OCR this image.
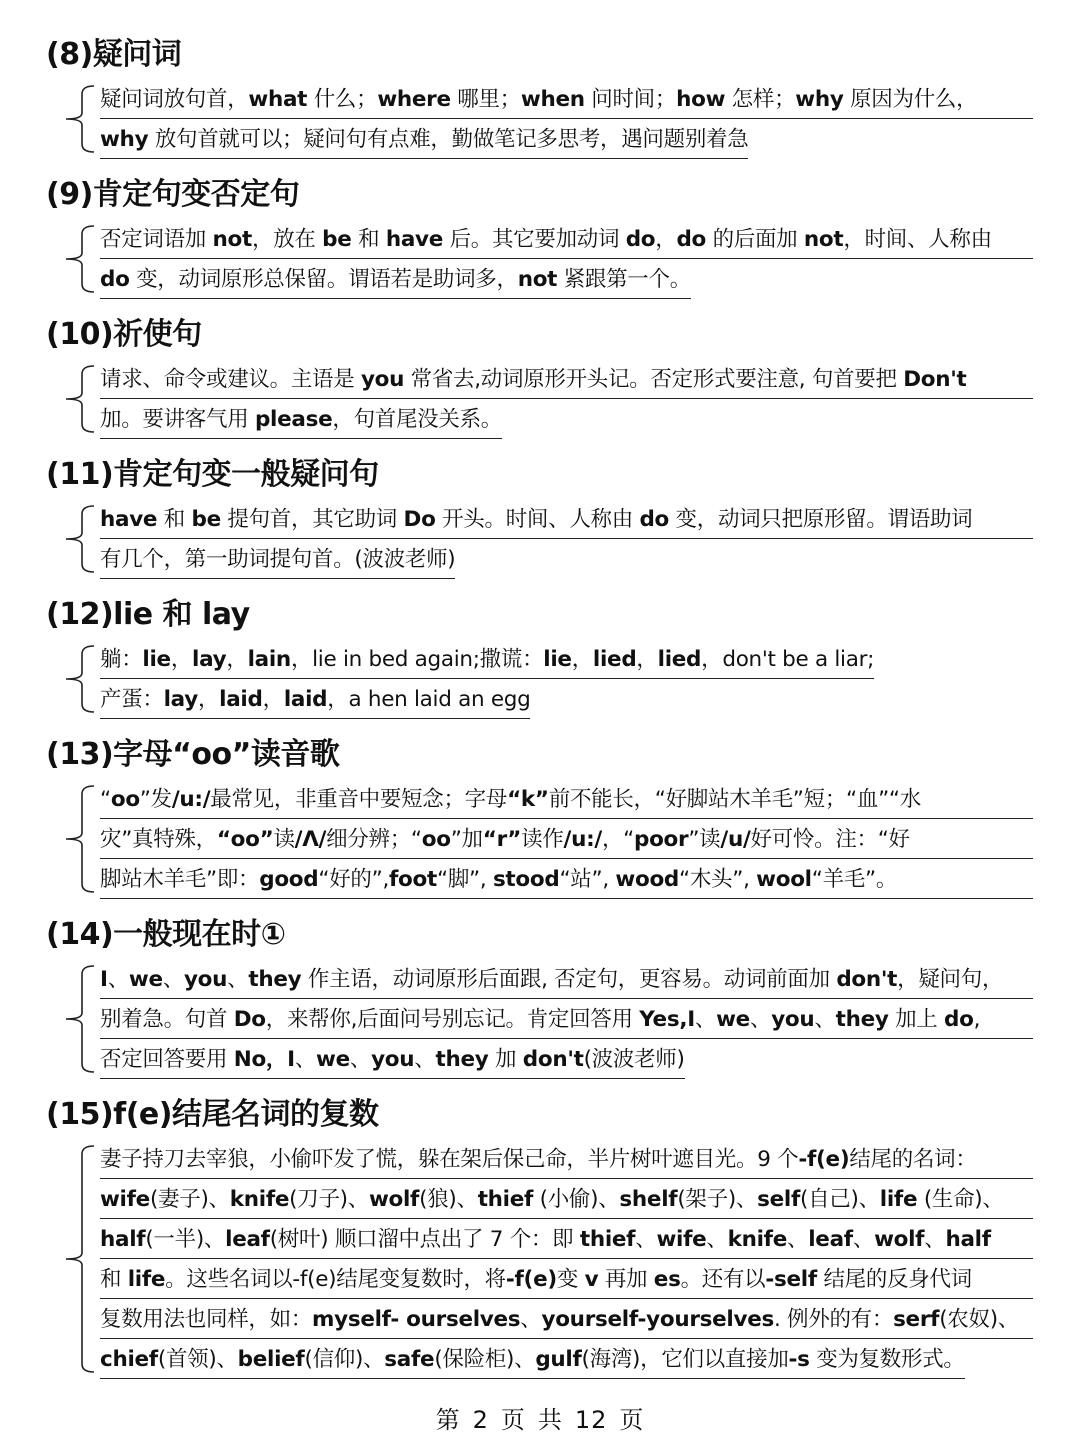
(8)疑问词
疑问词放句首，what 什么；where 哪里；when 问时间；how 怎样；why 原因为什么，
why 放句首就可以；疑问句有点难，勤做笔记多思考，遇问题别着急
(9)肯定句变否定句
否定词语加 not，放在 be 和 have 后。其它要加动词 do，do 的后面加 not，时间、人称由
do 变，动词原形总保留。谓语若是助词多，not 紧跟第一个。
(10)祈使句
请求、命令或建议。主语是 you 常省去,动词原形开头记。否定形式要注意, 句首要把 Don't
加。要讲客气用 please，句首尾没关系。
(11)肯定句变一般疑问句
have 和 be 提句首，其它助词 Do 开头。时间、人称由 do 变，动词只把原形留。谓语助词
有几个，第一助词提句首。(波波老师)
(12)lie 和 lay
躺：lie，lay，lain，lie in bed again;撒谎：lie，lied，lied，don't be a liar;
产蛋：lay，laid，laid，a hen laid an egg
(13)字母“oo”读音歌
“oo”发/u:/最常见，非重音中要短念；字母“k”前不能长，“好脚站木羊毛”短；“血”“水
灾”真特殊，“oo”读/Λ/细分辨；“oo”加“r”读作/u:/，“poor”读/u/好可怜。注：“好
脚站木羊毛”即：good“好的”,foot“脚”, stood“站”, wood“木头”, wool“羊毛”。
(14)一般现在时①
I、we、you、they 作主语，动词原形后面跟, 否定句，更容易。动词前面加 don't，疑问句，
别着急。句首 Do，来帮你,后面问号别忘记。肯定回答用 Yes,I、we、you、they 加上 do,
否定回答要用 No，I、we、you、they 加 don't(波波老师)
(15)f(e)结尾名词的复数
妻子持刀去宰狼，小偷吓发了慌，躲在架后保己命，半片树叶遮目光。9 个-f(e)结尾的名词：
wife(妻子)、knife(刀子)、wolf(狼)、thief (小偷)、shelf(架子)、self(自己)、life (生命)、
half(一半)、leaf(树叶) 顺口溜中点出了 7 个：即 thief、wife、knife、leaf、wolf、half
和 life。这些名词以-f(e)结尾变复数时，将-f(e)变 v 再加 es。还有以-self 结尾的反身代词
复数用法也同样，如：myself- ourselves、yourself-yourselves. 例外的有：serf(农奴)、
chief(首领)、belief(信仰)、safe(保险柜)、gulf(海湾)，它们以直接加-s 变为复数形式。
第 2 页 共 12 页
